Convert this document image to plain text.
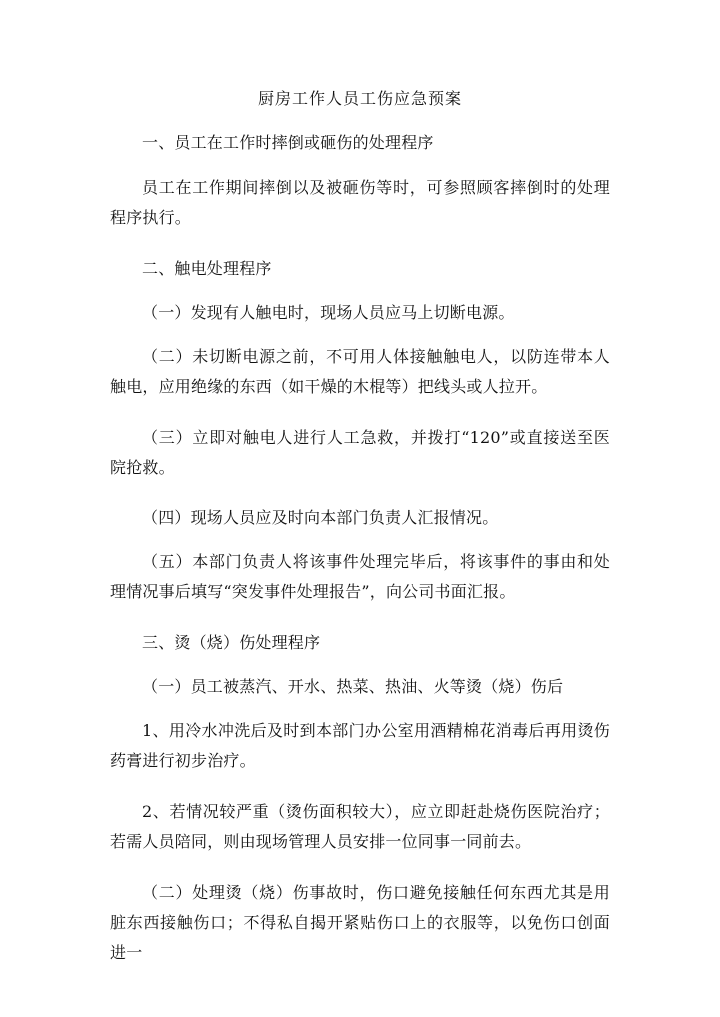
厨房工作人员工伤应急预案
一、员工在工作时摔倒或砸伤的处理程序
员工在工作期间摔倒以及被砸伤等时，可参照顾客摔倒时的处理程序执行。
二、触电处理程序
（一）发现有人触电时，现场人员应马上切断电源。
（二）未切断电源之前，不可用人体接触触电人，以防连带本人触电，应用绝缘的东西（如干燥的木棍等）把线头或人拉开。
（三）立即对触电人进行人工急救，并拨打“120”或直接送至医院抢救。
（四）现场人员应及时向本部门负责人汇报情况。
（五）本部门负责人将该事件处理完毕后，将该事件的事由和处理情况事后填写“突发事件处理报告”，向公司书面汇报。
三、烫（烧）伤处理程序
（一）员工被蒸汽、开水、热菜、热油、火等烫（烧）伤后
1、用冷水冲洗后及时到本部门办公室用酒精棉花消毒后再用烫伤药膏进行初步治疗。
2、若情况较严重（烫伤面积较大），应立即赶赴烧伤医院治疗；若需人员陪同，则由现场管理人员安排一位同事一同前去。
（二）处理烫（烧）伤事故时，伤口避免接触任何东西尤其是用脏东西接触伤口；不得私自揭开紧贴伤口上的衣服等，以免伤口创面进一
